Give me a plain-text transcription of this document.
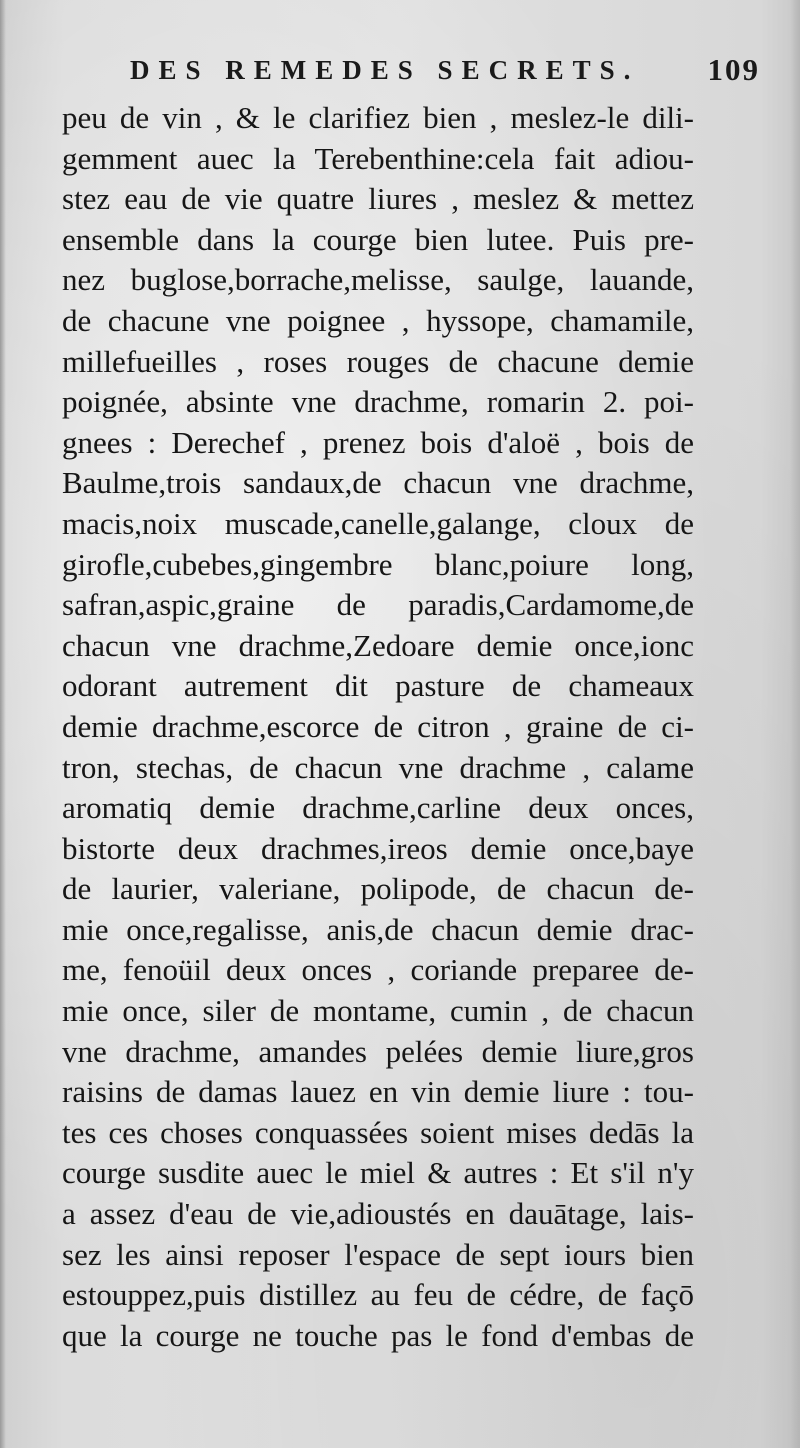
DES REMEDES SECRETS. 109
peu de vin , & le clarifiez bien , meslez-le dili-
gemment auec la Terebenthine:cela fait adiou-
stez eau de vie quatre liures , meslez & mettez
ensemble dans la courge bien lutee. Puis pre-
nez buglose,borrache,melisse, saulge, lauande,
de chacune vne poignee , hyssope, chamamile,
millefueilles , roses rouges de chacune demie
poignée, absinte vne drachme, romarin 2. poi-
gnees : Derechef , prenez bois d'aloë , bois de
Baulme,trois sandaux,de chacun vne drachme,
macis,noix muscade,canelle,galange, cloux de
girofle,cubebes,gingembre blanc,poiure long,
safran,aspic,graine de paradis,Cardamome,de
chacun vne drachme,Zedoare demie once,ionc
odorant autrement dit pasture de chameaux
demie drachme,escorce de citron , graine de ci-
tron, stechas, de chacun vne drachme , calame
aromatiq demie drachme,carline deux onces,
bistorte deux drachmes,ireos demie once,baye
de laurier, valeriane, polipode, de chacun de-
mie once,regalisse, anis,de chacun demie drac-
me, fenoüil deux onces , coriande preparee de-
mie once, siler de montame, cumin , de chacun
vne drachme, amandes pelées demie liure,gros
raisins de damas lauez en vin demie liure : tou-
tes ces choses conquassées soient mises dedās la
courge susdite auec le miel & autres : Et s'il n'y
a assez d'eau de vie,adioustés en dauātage, lais-
sez les ainsi reposer l'espace de sept iours bien
estouppez,puis distillez au feu de cédre, de façō
que la courge ne touche pas le fond d'embas de
